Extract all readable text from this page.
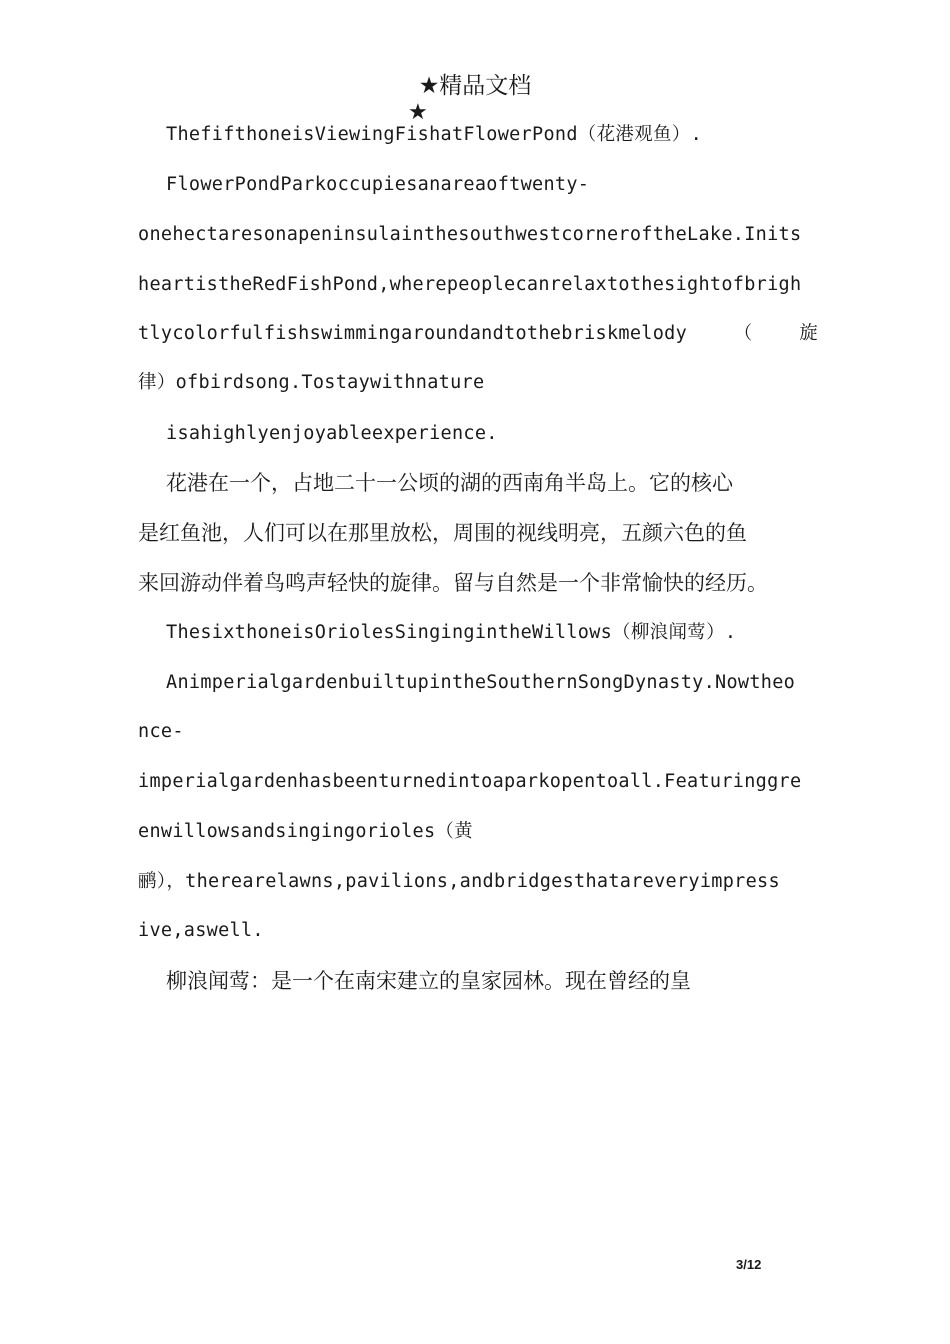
★精品文档
★
ThefifthoneisViewingFishatFlowerPond（花港观鱼）.
FlowerPondParkoccupiesanareaoftwenty-
onehectaresonapeninsulainthesouthwestcorneroftheLake.Inits
heartistheRedFishPond,wherepeoplecanrelaxtothesightofbrigh
tlycolorfulfishswimmingaroundandtothebriskmelody	（	旋
律）ofbirdsong.Tostaywithnature
isahighlyenjoyableexperience.
花港在一个，占地二十一公顷的湖的西南角半岛上。它的核心
是红鱼池，人们可以在那里放松，周围的视线明亮，五颜六色的鱼
来回游动伴着鸟鸣声轻快的旋律。留与自然是一个非常愉快的经历。
ThesixthoneisOriolesSingingintheWillows（柳浪闻莺）.
AnimperialgardenbuiltupintheSouthernSongDynasty.Nowtheo
nce-
imperialgardenhasbeenturnedintoaparkopentoall.Featuringgre
enwillowsandsingingorioles（黄
鹂），therearelawns,pavilions,andbridgesthatareveryimpress
ive,aswell.
柳浪闻莺：是一个在南宋建立的皇家园林。现在曾经的皇
3/12
